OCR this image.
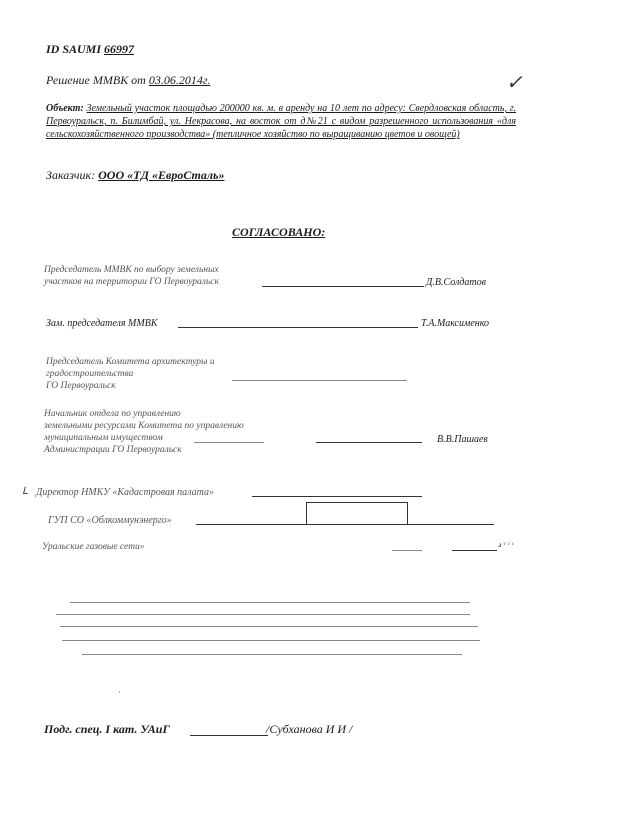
ID SAUMI 66997
Решение ММВК от 03.06.2014г.	✓
Объект: Земельный участок площадью 200000 кв. м. в аренду на 10 лет по адресу: Свердловская область, г. Первоуральск, п. Билимбай, ул. Некрасова, на восток от д№21 с видом разрешенного использования «для сельскохозяйственного производства» (тепличное хозяйство по выращиванию цветов и овощей)
Заказчик: ООО «ТД «ЕвроСталь»
СОГЛАСОВАНО:
Председатель ММВК по выбору земельных
участков на территории ГО Первоуральск	Д.В.Солдатов
Зам. председателя ММВК	Т.А.Максименко
Председатель Комитета архитектуры и
градостроительства
ГО Первоуральск
Начальник отдела по управлению
земельными ресурсами Комитета по управлению
муниципальным имуществом
Администрации ГО Первоуральск
В.В.Пашаев
ᒪ Директор НМКУ «Кадастровая палата»
ГУП СО «Облкоммунэнерго»
Уральские газовые сети»	ⅎ ᵛ ᶜ ᶜ
ˈ
Подг. спец. I кат. УАиГ	/Субханова И И /
